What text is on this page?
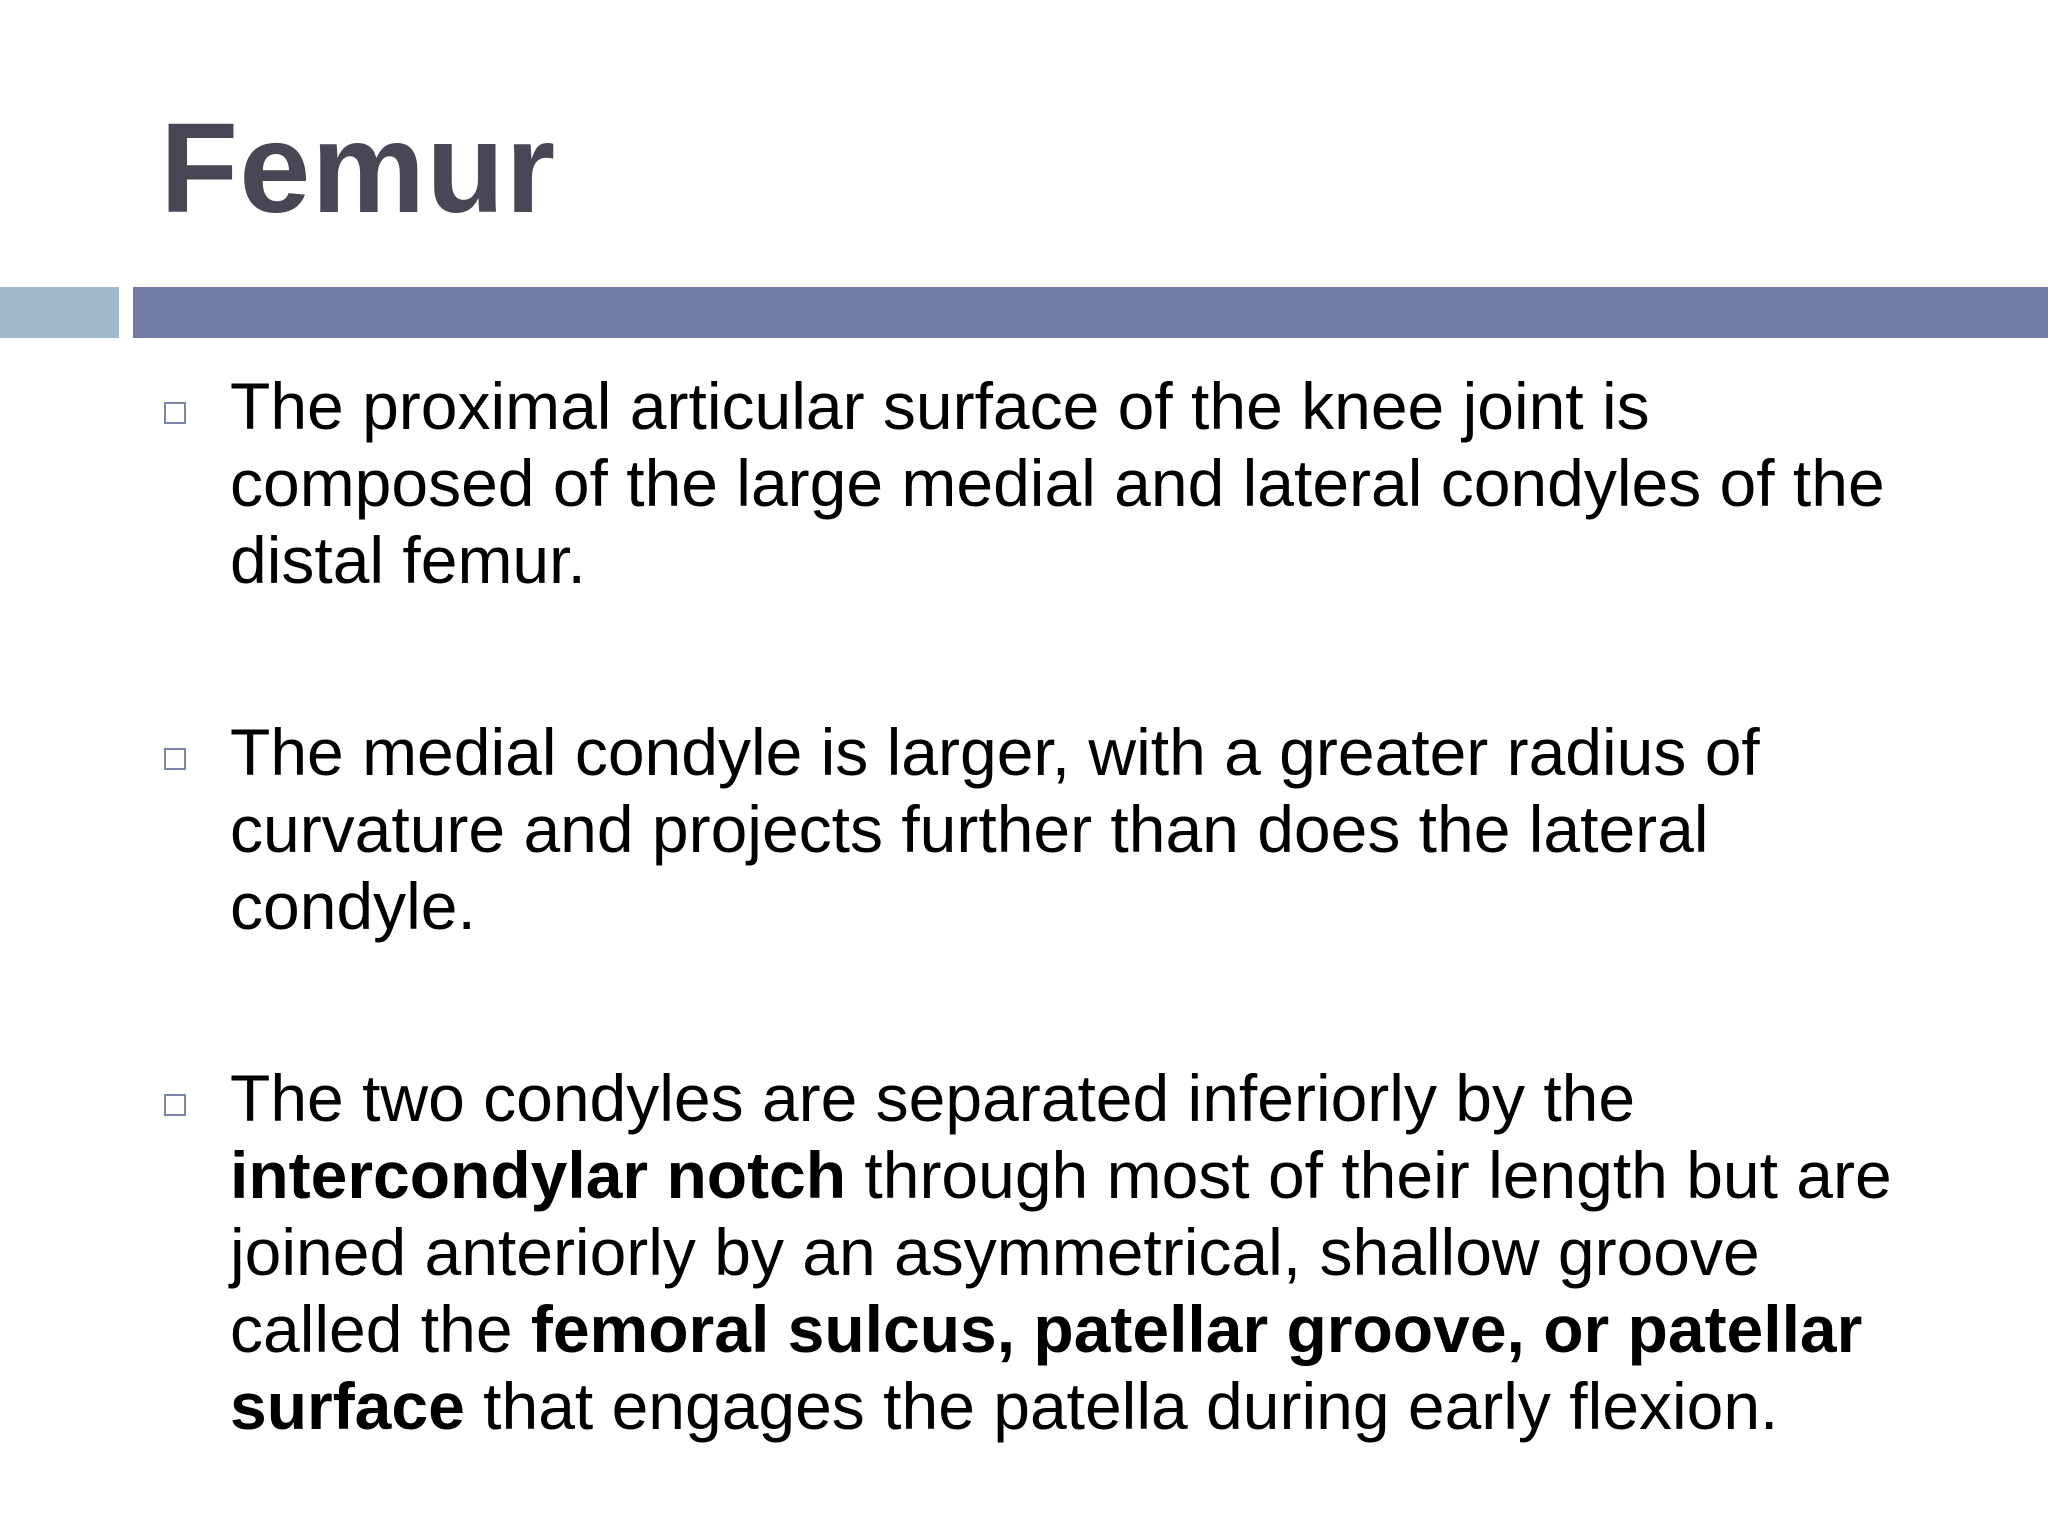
Femur
The proximal articular surface of the knee joint is composed of the large medial and lateral condyles of the distal femur.
The medial condyle is larger, with a greater radius of curvature and projects further than does the lateral condyle.
The two condyles are separated inferiorly by the intercondylar notch through most of their length but are joined anteriorly by an asymmetrical, shallow groove called the femoral sulcus, patellar groove, or patellar surface that engages the patella during early flexion.
